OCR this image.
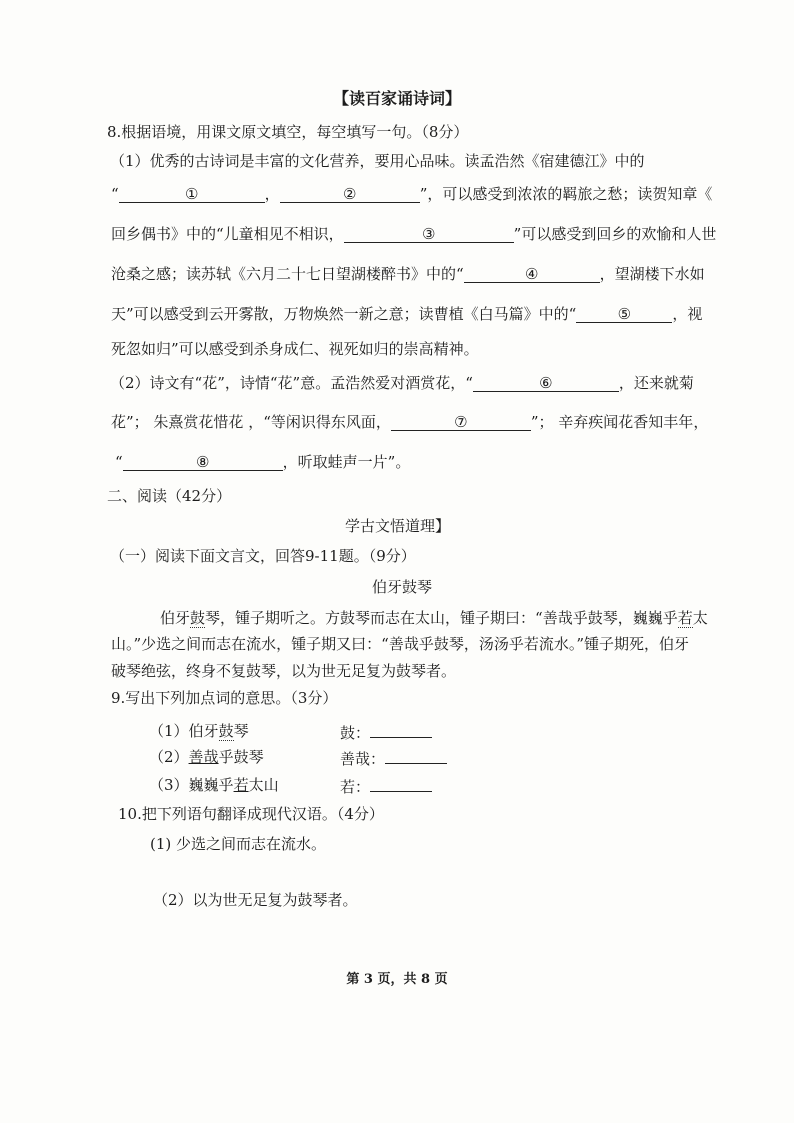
【读百家诵诗词】
8.根据语境，用课文原文填空，每空填写一句。（8分）
（1）优秀的古诗词是丰富的文化营养，要用心品味。读孟浩然《宿建德江》中的
“	①	，	②	”，可以感受到浓浓的羁旅之愁；读贺知章《
回乡偶书》中的“儿童相见不相识，	③	”可以感受到回乡的欢愉和人世
沧桑之感；读苏轼《六月二十七日望湖楼醉书》中的“	④	，望湖楼下水如
天”可以感受到云开雾散，万物焕然一新之意；读曹植《白马篇》中的“	⑤	，视
死忽如归”可以感受到杀身成仁、视死如归的崇高精神。
（2）诗文有“花”，诗情“花”意。孟浩然爱对酒赏花，“	⑥	，还来就菊
花”； 朱熹赏花惜花 ，“等闲识得东风面，	⑦	”； 辛弃疾闻花香知丰年，
“	⑧	，听取蛙声一片”。
二、阅读（42分）
学古文悟道理】
（一）阅读下面文言文，回答9-11题。（9分）
伯牙鼓琴
伯牙鼓琴，锺子期听之。方鼓琴而志在太山，锺子期曰：“善哉乎鼓琴，巍巍乎若太
山。”少选之间而志在流水，锺子期又曰：“善哉乎鼓琴，汤汤乎若流水。”锺子期死，伯牙
破琴绝弦，终身不复鼓琴，以为世无足复为鼓琴者。
9.写出下列加点词的意思。（3分）
（1）伯牙鼓琴	鼓：
（2）善哉乎鼓琴	善哉：
（3）巍巍乎若太山	若：
10.把下列语句翻译成现代汉语。（4分）
(1) 少选之间而志在流水。
（2）以为世无足复为鼓琴者。
第 3 页，共 8 页
